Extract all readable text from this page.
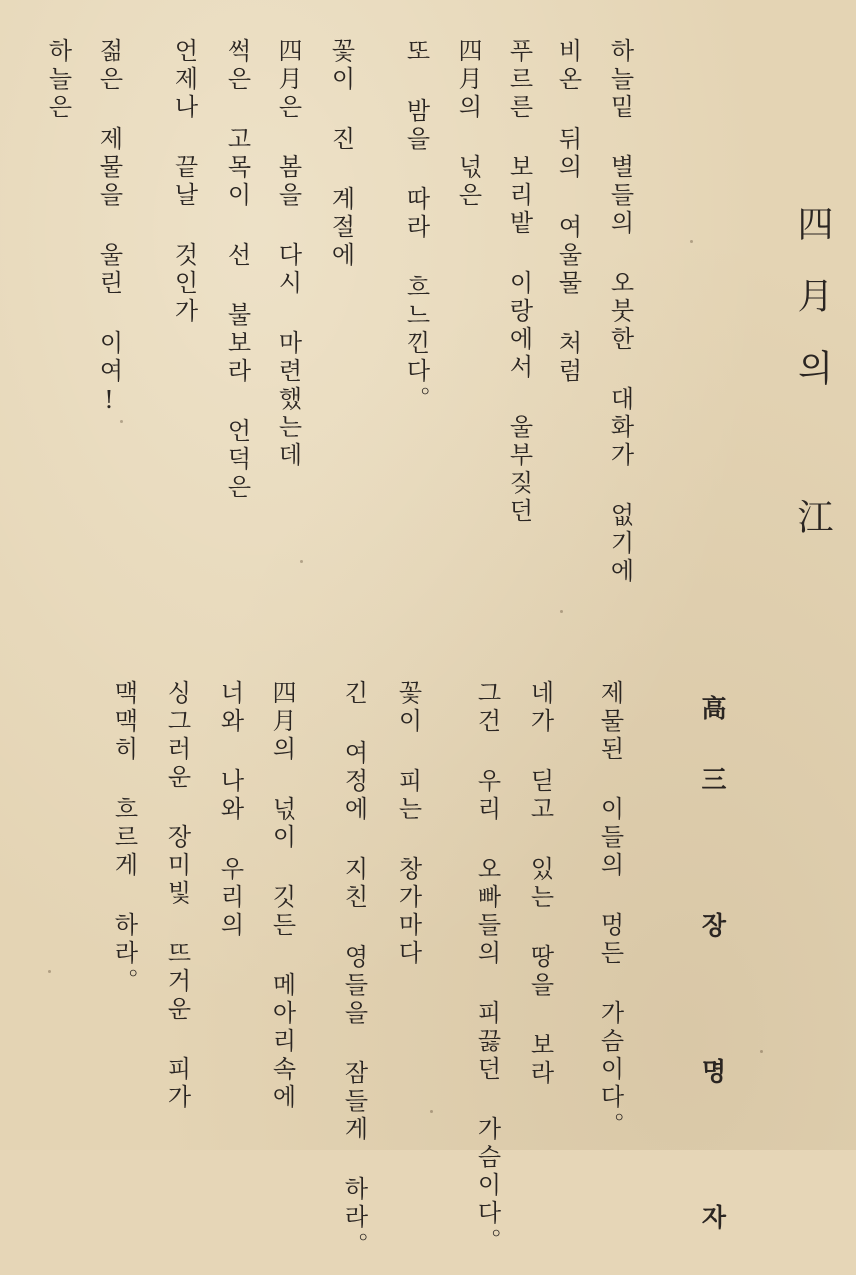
四月의 江
高三 장 명 자
하늘밑 별들의 오붓한 대화가 없기에
비온 뒤의 여울물 처럼
푸르른 보리밭 이랑에서 울부짖던
四月의 넋은
또 밤을 따라 흐느낀다。
꽃이 진 계절에
四月은 봄을 다시 마련했는데
썩은 고목이 선 불보라 언덕은
언제나 끝날 것인가
젊은 제물을 울린 이여!
하늘은
제물된 이들의 멍든 가슴이다。
네가 딛고 있는 땅을 보라
그건 우리 오빠들의 피끓던 가슴이다。
꽃이 피는 창가마다
긴 여정에 지친 영들을 잠들게 하라。
四月의 넋이 깃든 메아리속에
너와 나와 우리의
싱그러운 장미빛 뜨거운 피가
맥맥히 흐르게 하라。
